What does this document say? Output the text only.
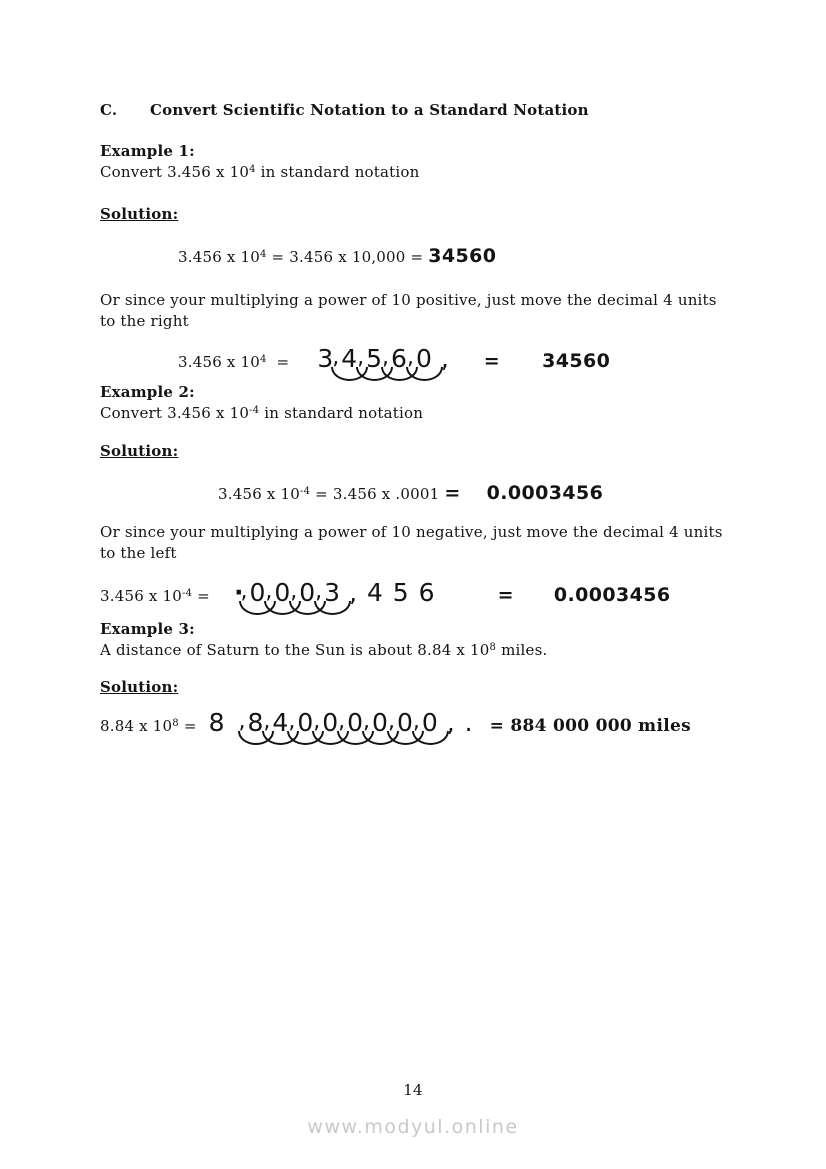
C.	Convert Scientific Notation to a Standard Notation
Example 1:
Convert 3.456 x $10^4$ in standard notation
Solution:
3.456 x $10^4 = 3.456$ x 10,000 = 34560
Or since your multiplying a power of 10 positive, just move the decimal 4 units to the right
3.456 x $10^4 = 3$ , 4 , 5 , 6 , 0 , = 34560
Example 2:
Convert 3.456 x $10^{-4}$ in standard notation
Solution:
3.456 x $10^{-4} = 3.456$ x .0001 = 0.0003456
Or since your multiplying a power of 10 negative, just move the decimal 4 units to the left
3.456 x $10^{-4}$ = · , 0 , 0 , 0 , 3 , 4 5 6	= 0.0003456
Example 3:
A distance of Saturn to the Sun is about 8.84 x $10^8$ miles.
Solution:
8.84 x $10^8 = 8$ , 8 , 4 , 0 , 0 , 0 , 0 , 0 , 0 , . = 884 000 000 miles
14
www.modyul.online
